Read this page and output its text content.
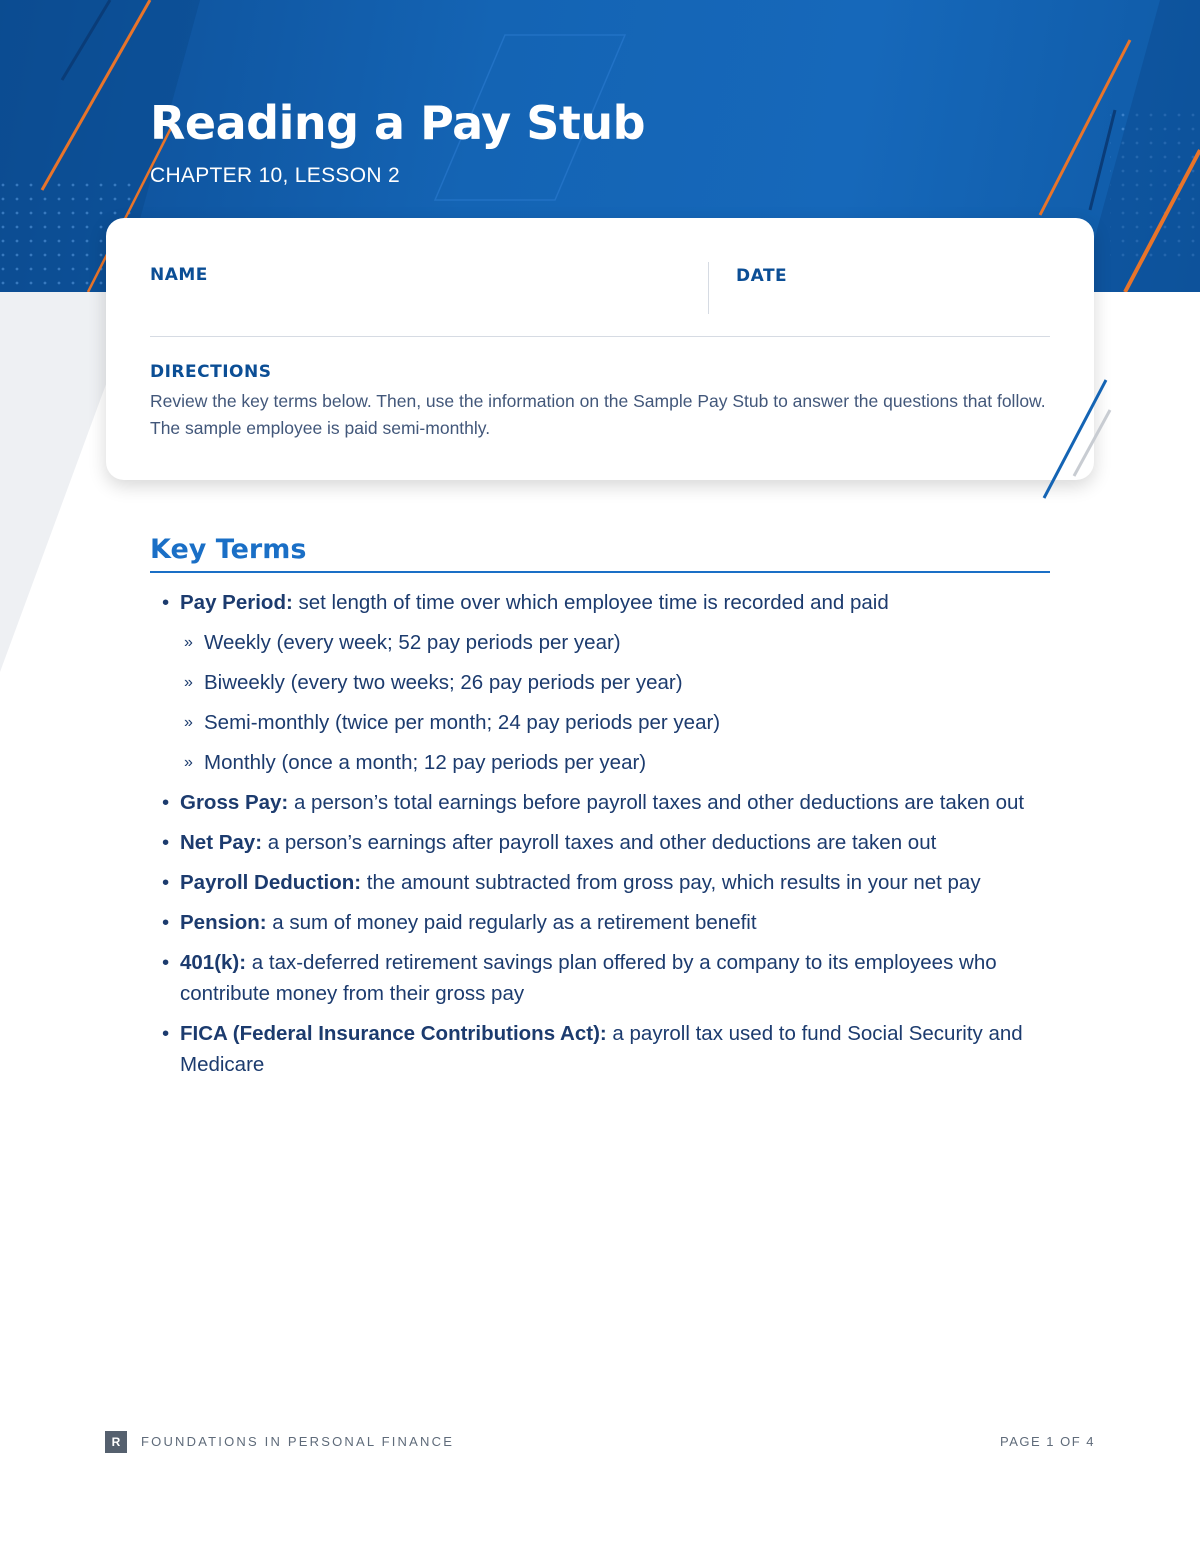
Reading a Pay Stub
CHAPTER 10, LESSON 2
NAME	DATE
DIRECTIONS

Review the key terms below. Then, use the information on the Sample Pay Stub to answer the questions that follow. The sample employee is paid semi-monthly.

Key Terms
• Pay Period: set length of time over which employee time is recorded and paid
» Weekly (every week; 52 pay periods per year)
» Biweekly (every two weeks; 26 pay periods per year)
» Semi-monthly (twice per month; 24 pay periods per year)
» Monthly (once a month; 12 pay periods per year)
• Gross Pay: a person’s total earnings before payroll taxes and other deductions are taken out
• Net Pay: a person’s earnings after payroll taxes and other deductions are taken out
• Payroll Deduction: the amount subtracted from gross pay, which results in your net pay
• Pension: a sum of money paid regularly as a retirement benefit
• 401(k): a tax-deferred retirement savings plan offered by a company to its employees who contribute money from their gross pay
• FICA (Federal Insurance Contributions Act): a payroll tax used to fund Social Security and Medicare
R	FOUNDATIONS IN PERSONAL FINANCE	PAGE 1 OF 4
